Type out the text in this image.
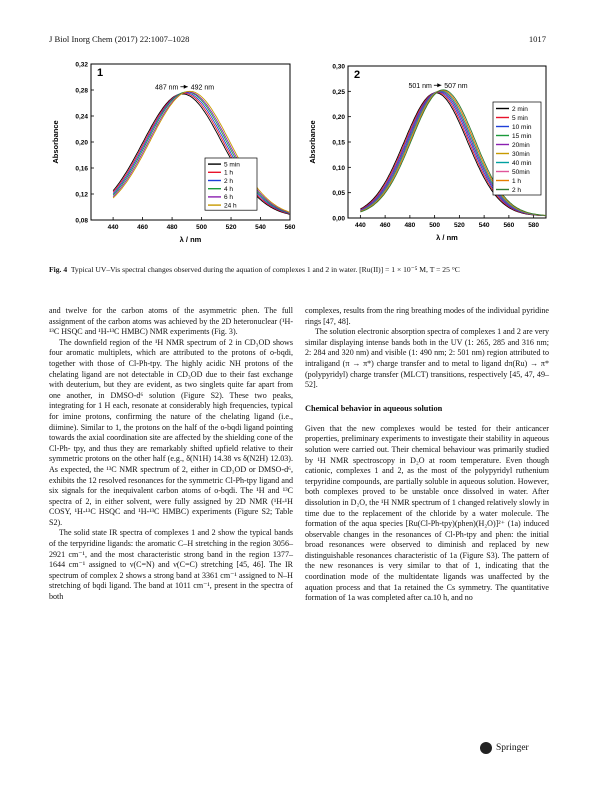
J Biol Inorg Chem (2017) 22:1007–1028	1017
440	460	480	500	520	540	560
0,08
0,12
0,16
0,20
0,24
0,28
0,32
λ / nm
Absorbance
1
487 nm 492 nm
5 min
1 h
2 h
4 h
6 h
24 h
440 460 480 500 520 540 560 580
0,00
0,05
0,10
0,15
0,20
0,25
0,30
λ / nm
Absorbance
2
501 nm 507 nm
2 min
5 min
10 min
15 min
20min
30min
40 min
50min
1 h
2 h
Fig. 4 Typical UV–Vis spectral changes observed during the aquation of complexes 1 and 2 in water. [Ru(II)] = 1 × 10⁻⁵ M, T = 25 °C

and twelve for the carbon atoms of the asymmetric phen. The full assignment of the carbon atoms was achieved by the 2D heteronuclear (¹H-¹³C HSQC and ¹H-¹³C HMBC) NMR experiments (Fig. 3).

The downfield region of the ¹H NMR spectrum of 2 in CD₃OD shows four aromatic multiplets, which are attributed to the protons of o-bqdi, together with those of Cl-Ph-tpy. The highly acidic NH protons of the chelating ligand are not detectable in CD₃OD due to their fast exchange with deuterium, but they are evident, as two singlets quite far apart from one another, in DMSO-d⁶ solution (Figure S2). These two peaks, integrating for 1 H each, resonate at considerably high frequencies, typical for imine protons, confirming the nature of the chelating ligand (i.e., diimine). Similar to 1, the protons on the half of the o-bqdi ligand pointing towards the axial coordination site are affected by the shielding cone of the Cl-Ph- tpy, and thus they are remarkably shifted upfield relative to their symmetric protons on the other half (e.g., δ(N1H) 14.38 vs δ(N2H) 12.03). As expected, the ¹³C NMR spectrum of 2, either in CD₃OD or DMSO-d⁶, exhibits the 12 resolved resonances for the symmetric Cl-Ph-tpy ligand and six signals for the inequivalent carbon atoms of o-bqdi. The ¹H and ¹³C spectra of 2, in either solvent, were fully assigned by 2D NMR (¹H-¹H COSY, ¹H-¹³C HSQC and ¹H-¹³C HMBC) experiments (Figure S2; Table S2).

The solid state IR spectra of complexes 1 and 2 show the typical bands of the terpyridine ligands: the aromatic C–H stretching in the region 3056–2921 cm⁻¹, and the most characteristic strong band in the region 1377–1644 cm⁻¹ assigned to ν(C=N) and ν(C=C) stretching [45, 46]. The IR spectrum of complex 2 shows a strong band at 3361 cm⁻¹ assigned to N–H stretching of bqdi ligand. The band at 1011 cm⁻¹, present in the spectra of both

complexes, results from the ring breathing modes of the individual pyridine rings [47, 48].

The solution electronic absorption spectra of complexes 1 and 2 are very similar displaying intense bands both in the UV (1: 265, 285 and 316 nm; 2: 284 and 320 nm) and visible (1: 490 nm; 2: 501 nm) region attributed to intraligand (π → π*) charge transfer and to metal to ligand dπ(Ru) → π*(polypyridyl) charge transfer (MLCT) transitions, respectively [45, 47, 49–52].

Chemical behavior in aqueous solution

Given that the new complexes would be tested for their anticancer properties, preliminary experiments to investigate their stability in aqueous solution were carried out. Their chemical behaviour was primarily studied by ¹H NMR spectroscopy in D₂O at room temperature. Even though cationic, complexes 1 and 2, as the most of the polypyridyl ruthenium terpyridine compounds, are partially soluble in aqueous solution. However, both complexes proved to be unstable once dissolved in water. After dissolution in D₂O, the ¹H NMR spectrum of 1 changed relatively slowly in time due to the replacement of the chloride by a water molecule. The formation of the aqua species [Ru(Cl-Ph-tpy)(phen)(H₂O)]²⁺ (1a) induced observable changes in the resonances of Cl-Ph-tpy and phen: the initial broad resonances were observed to diminish and replaced by new distinguishable resonances characteristic of 1a (Figure S3). The pattern of the new resonances is very similar to that of 1, indicating that the coordination mode of the multidentate ligands was unaffected by the aquation process and that 1a retained the Cs symmetry. The quantitative formation of 1a was completed after ca.10 h, and no

Springer
